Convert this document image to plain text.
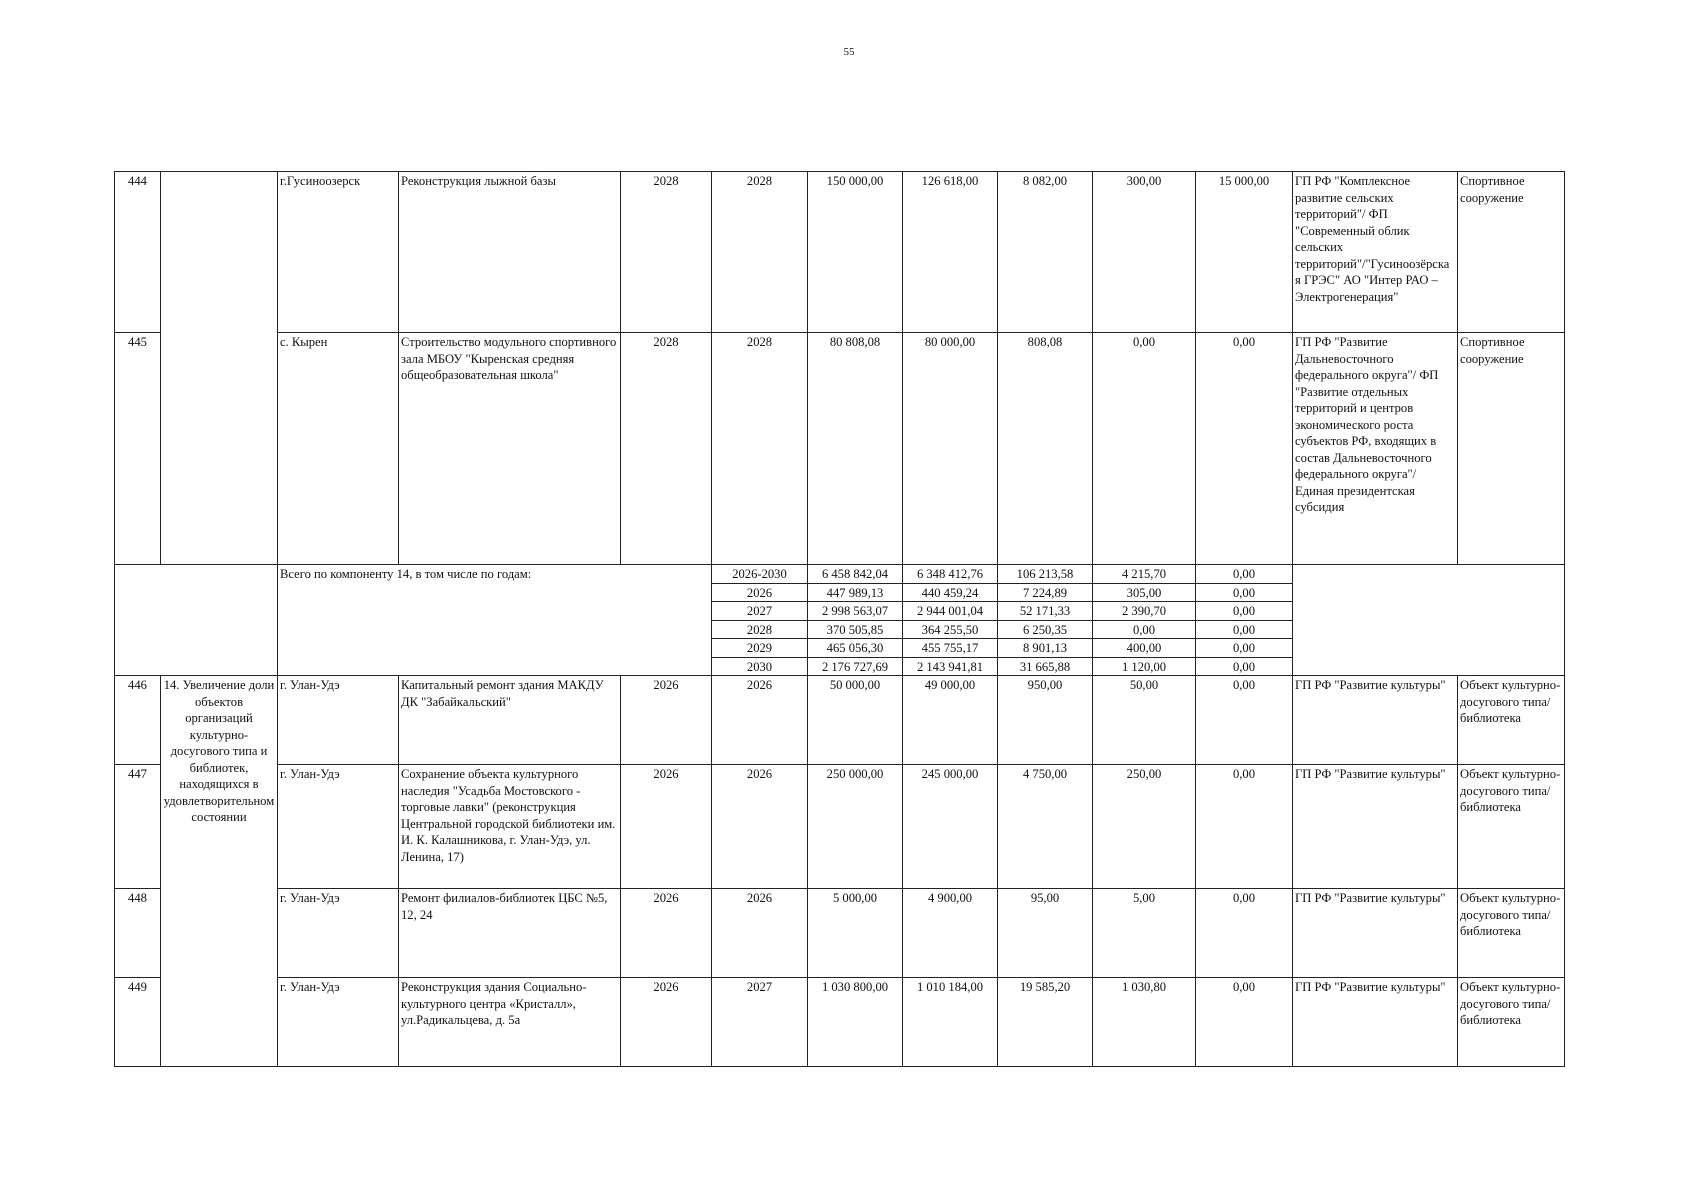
55
444		г.Гусиноозерск	Реконструкция лыжной базы	2028	2028	150 000,00	126 618,00	8 082,00	300,00	15 000,00	ГП РФ "Комплексное развитие сельских территорий"/ ФП "Современный облик сельских территорий"/"Гусиноозёрская ГРЭС" АО "Интер РАО – Электрогенерация"	Спортивное сооружение
445		с. Кырен	Строительство модульного спортивного зала МБОУ "Кыренская средняя общеобразовательная школа"	2028	2028	80 808,08	80 000,00	808,08	0,00	0,00	ГП РФ "Развитие Дальневосточного федерального округа"/ ФП "Развитие отдельных территорий и центров экономического роста субъектов РФ, входящих в состав Дальневосточного федерального округа"/ Единая президентская субсидия	Спортивное сооружение
		Всего по компоненту 14, в том числе по годам:			2026-2030	6 458 842,04	6 348 412,76	106 213,58	4 215,70	0,00		
					2026	447 989,13	440 459,24	7 224,89	305,00	0,00		
					2027	2 998 563,07	2 944 001,04	52 171,33	2 390,70	0,00		
					2028	370 505,85	364 255,50	6 250,35	0,00	0,00		
					2029	465 056,30	455 755,17	8 901,13	400,00	0,00		
					2030	2 176 727,69	2 143 941,81	31 665,88	1 120,00	0,00		
446	14. Увеличение доли объектов организаций культурно-досугового типа и библиотек, находящихся в удовлетворительном состоянии	г. Улан-Удэ	Капитальный ремонт здания МАКДУ ДК "Забайкальский"	2026	2026	50 000,00	49 000,00	950,00	50,00	0,00	ГП РФ "Развитие культуры"	Объект культурно-досугового типа/библиотека
447		г. Улан-Удэ	Сохранение объекта культурного наследия "Усадьба Мостовского - торговые лавки" (реконструкция Центральной городской библиотеки им. И. К. Калашникова, г. Улан-Удэ, ул. Ленина, 17)	2026	2026	250 000,00	245 000,00	4 750,00	250,00	0,00	ГП РФ "Развитие культуры"	Объект культурно-досугового типа/библиотека
448		г. Улан-Удэ	Ремонт филиалов-библиотек ЦБС №5, 12, 24	2026	2026	5 000,00	4 900,00	95,00	5,00	0,00	ГП РФ "Развитие культуры"	Объект культурно-досугового типа/библиотека
449		г. Улан-Удэ	Реконструкция здания Социально-культурного центра «Кристалл», ул.Радикальцева, д. 5а	2026	2027	1 030 800,00	1 010 184,00	19 585,20	1 030,80	0,00	ГП РФ "Развитие культуры"	Объект культурно-досугового типа/библиотека
